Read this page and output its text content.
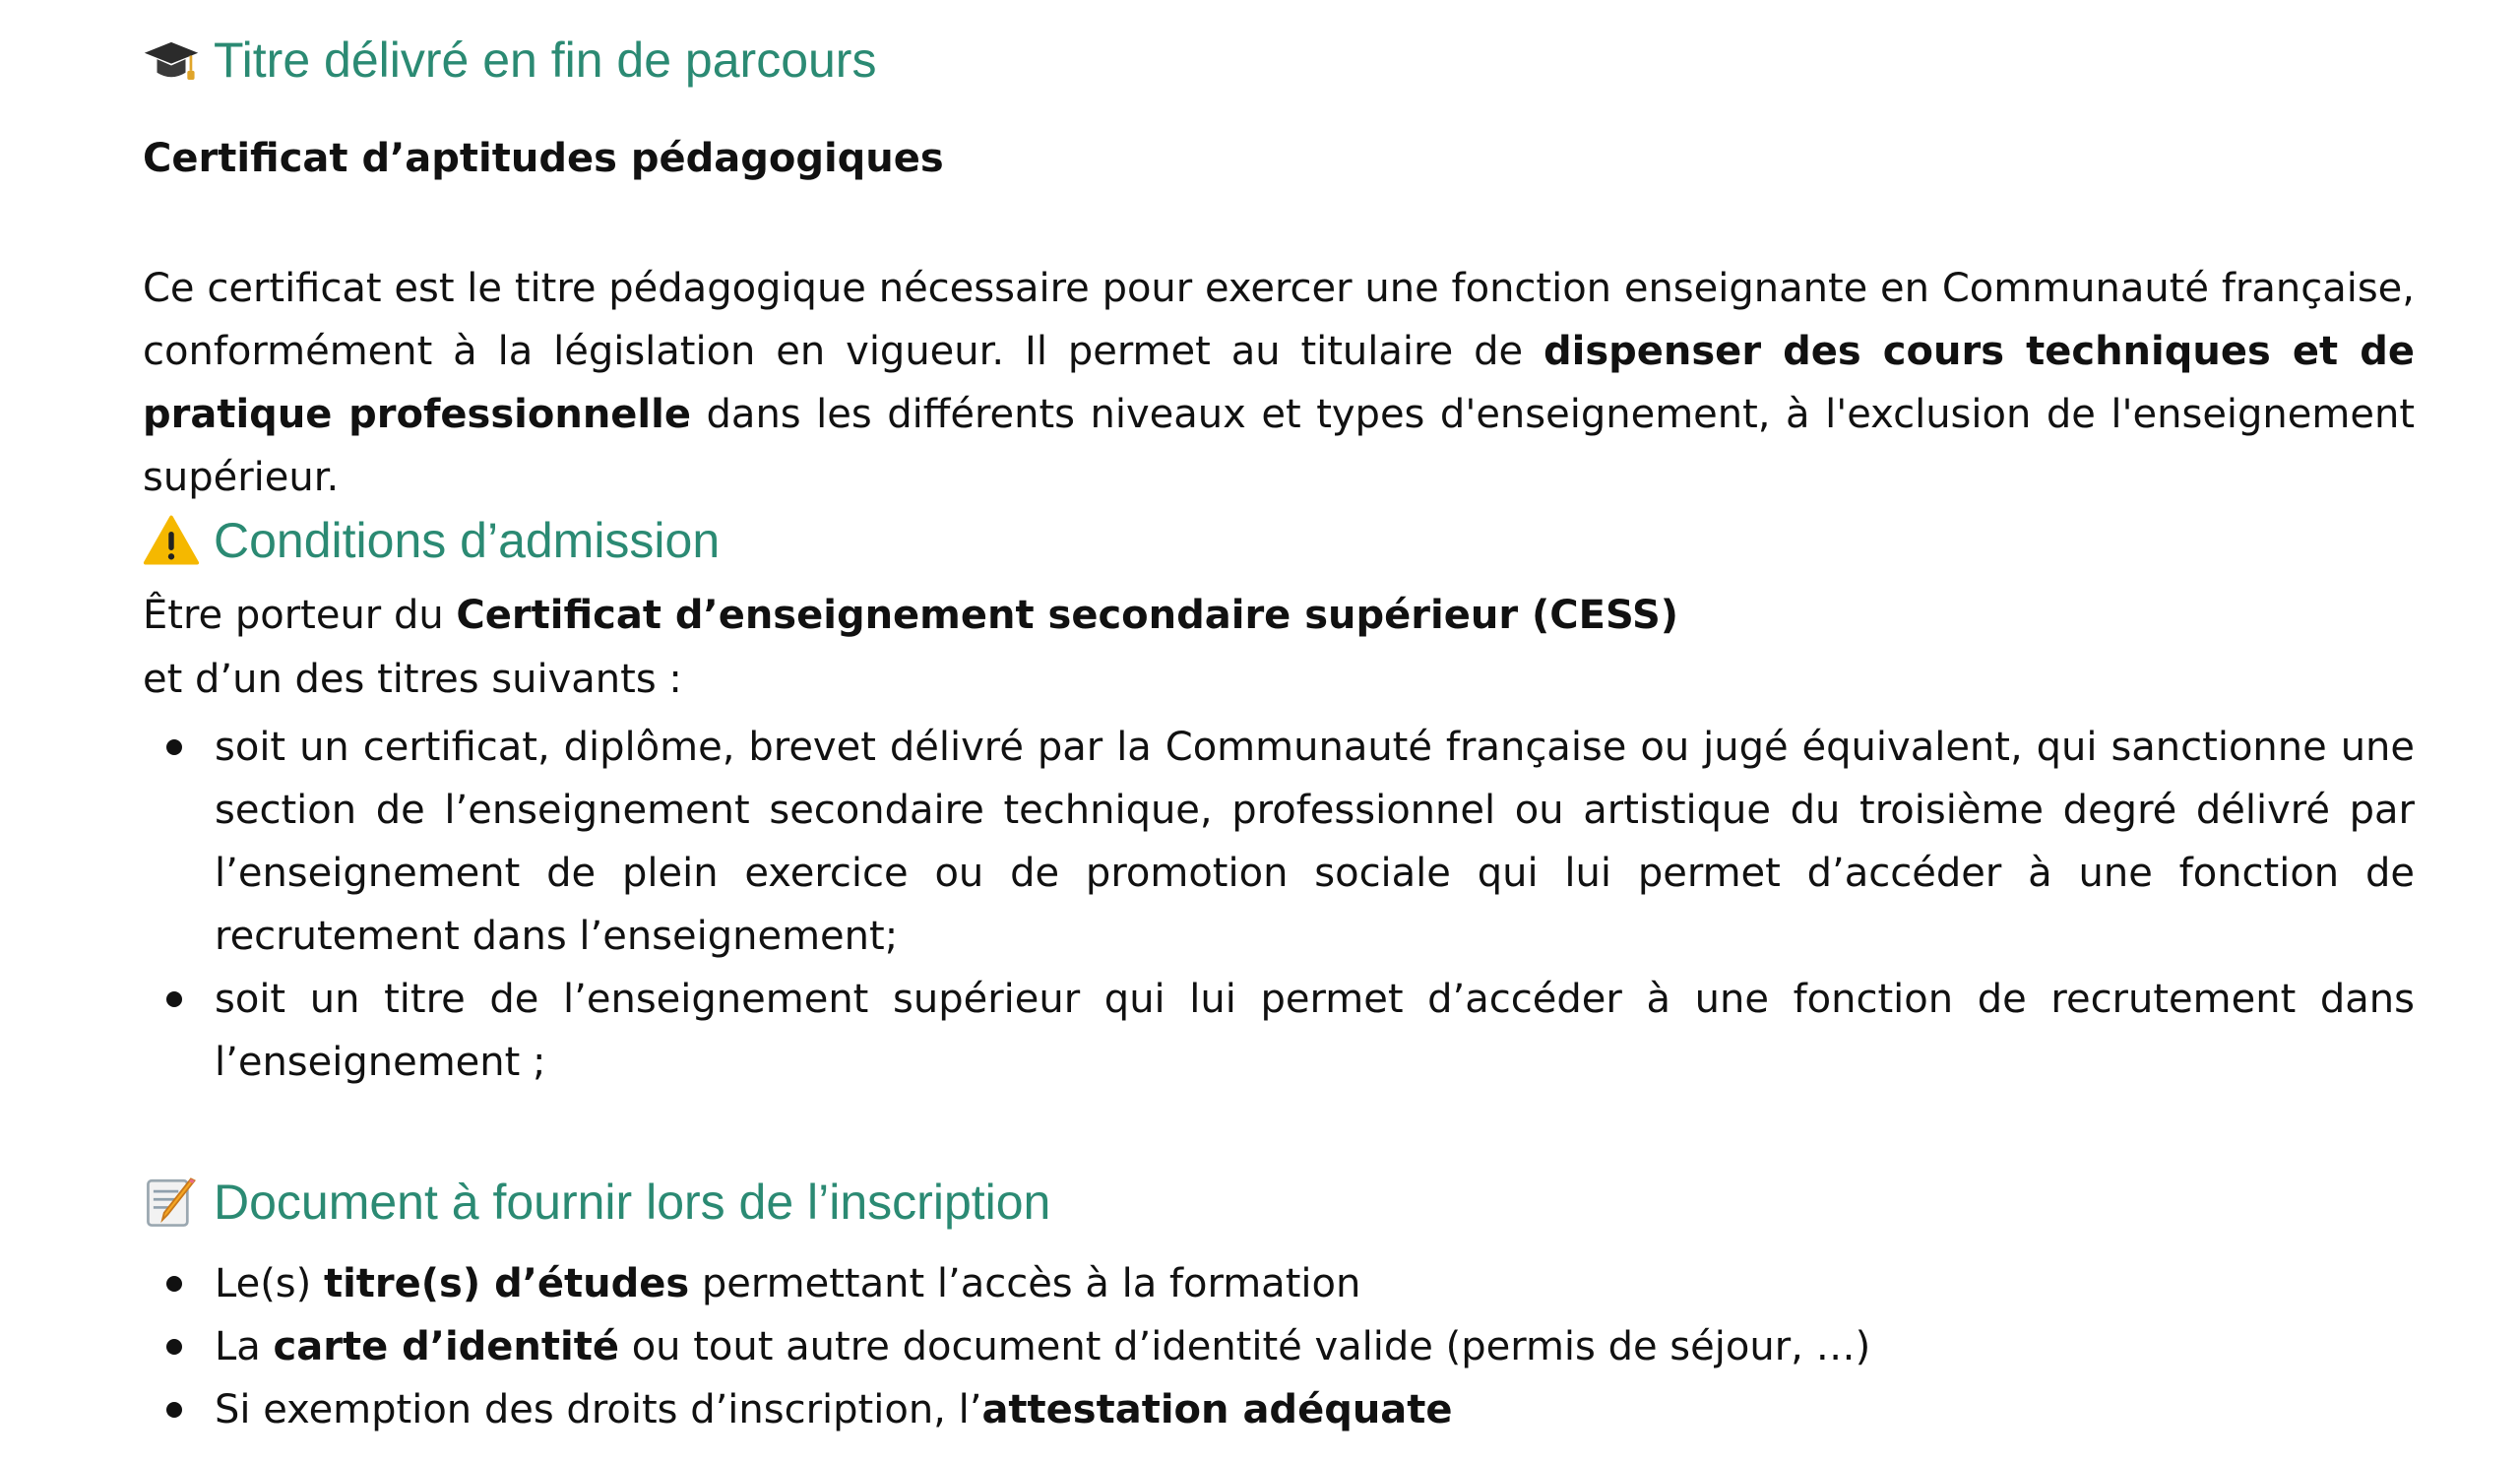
Titre délivré en fin de parcours
Certificat d’aptitudes pédagogiques

Ce certificat est le titre pédagogique nécessaire pour exercer une fonction enseignante en Communauté française, conformément à la législation en vigueur. Il permet au titulaire de dispenser des cours techniques et de pratique professionnelle dans les différents niveaux et types d'enseignement, à l'exclusion de l'enseignement supérieur.

Conditions d’admission
Être porteur du Certificat d’enseignement secondaire supérieur (CESS)
et d’un des titres suivants :
soit un certificat, diplôme, brevet délivré par la Communauté française ou jugé équivalent, qui sanctionne une section de l’enseignement secondaire technique, professionnel ou artistique du troisième degré délivré par l’enseignement de plein exercice ou de promotion sociale qui lui permet d’accéder à une fonction de recrutement dans l’enseignement;
soit un titre de l’enseignement supérieur qui lui permet d’accéder à une fonction de recrutement dans l’enseignement ;
Document à fournir lors de l’inscription
Le(s) titre(s) d’études permettant l’accès à la formation
La carte d’identité ou tout autre document d’identité valide (permis de séjour, …)
Si exemption des droits d’inscription, l’attestation adéquate
